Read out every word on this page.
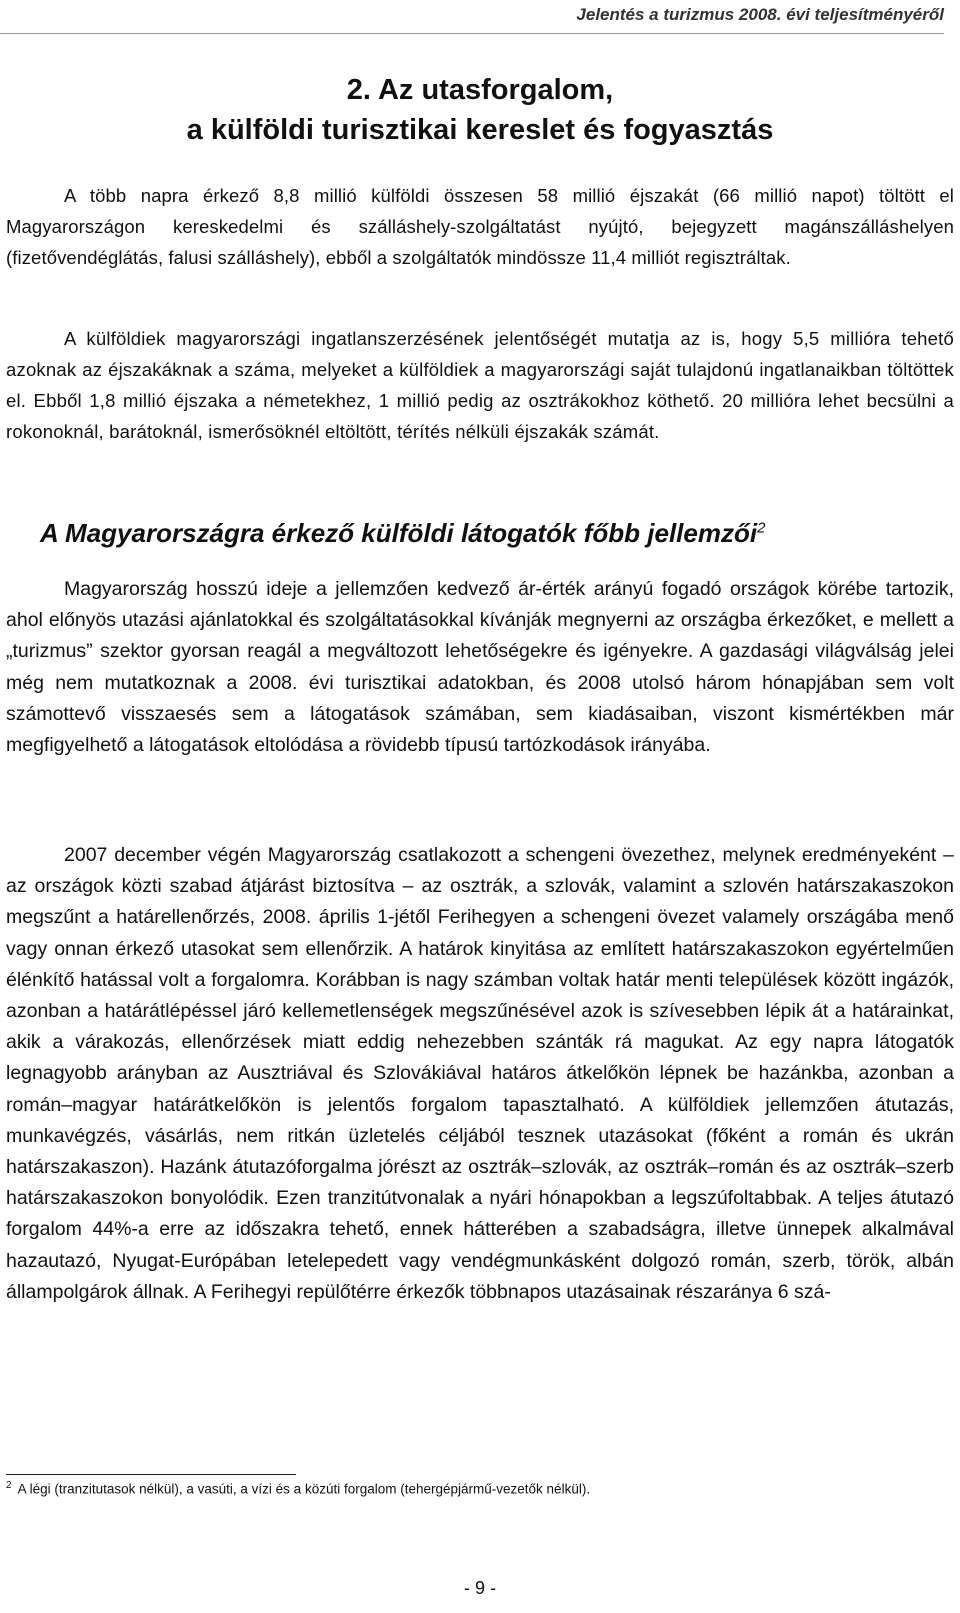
Jelentés a turizmus 2008. évi teljesítményéről
2. Az utasforgalom,
a külföldi turisztikai kereslet és fogyasztás

A több napra érkező 8,8 millió külföldi összesen 58 millió éjszakát (66 millió napot) töltött el Magyarországon kereskedelmi és szálláshely-szolgáltatást nyújtó, bejegyzett magánszálláshelyen (fizetővendéglátás, falusi szálláshely), ebből a szolgáltatók mindössze 11,4 milliót regisztráltak.

A külföldiek magyarországi ingatlanszerzésének jelentőségét mutatja az is, hogy 5,5 millióra tehető azoknak az éjszakáknak a száma, melyeket a külföldiek a magyarországi saját tulajdonú ingatlanaikban töltöttek el. Ebből 1,8 millió éjszaka a németekhez, 1 millió pedig az osztrákokhoz köthető. 20 millióra lehet becsülni a rokonoknál, barátoknál, ismerősöknél eltöltött, térítés nélküli éjszakák számát.

A Magyarországra érkező külföldi látogatók főbb jellemzői$^2$

Magyarország hosszú ideje a jellemzően kedvező ár-érték arányú fogadó országok körébe tartozik, ahol előnyös utazási ajánlatokkal és szolgáltatásokkal kívánják megnyerni az országba érkezőket, e mellett a „turizmus” szektor gyorsan reagál a megváltozott lehetőségekre és igényekre. A gazdasági világválság jelei még nem mutatkoznak a 2008. évi turisztikai adatokban, és 2008 utolsó három hónapjában sem volt számottevő visszaesés sem a látogatások számában, sem kiadásaiban, viszont kismértékben már megfigyelhető a látogatások eltolódása a rövidebb típusú tartózkodások irányába.

2007 december végén Magyarország csatlakozott a schengeni övezethez, melynek eredményeként – az országok közti szabad átjárást biztosítva – az osztrák, a szlovák, valamint a szlovén határszakaszokon megszűnt a határellenőrzés, 2008. április 1-jétől Ferihegyen a schengeni övezet valamely országába menő vagy onnan érkező utasokat sem ellenőrzik. A határok kinyitása az említett határszakaszokon egyértelműen élénkítő hatással volt a forgalomra. Korábban is nagy számban voltak határ menti települések között ingázók, azonban a határátlépéssel járó kellemetlenségek megszűnésével azok is szívesebben lépik át a határainkat, akik a várakozás, ellenőrzések miatt eddig nehezebben szánták rá magukat. Az egy napra látogatók legnagyobb arányban az Ausztriával és Szlovákiával határos átkelőkön lépnek be hazánkba, azonban a román–magyar határátkelőkön is jelentős forgalom tapasztalható. A külföldiek jellemzően átutazás, munkavégzés, vásárlás, nem ritkán üzletelés céljából tesznek utazásokat (főként a román és ukrán határszakaszon). Hazánk átutazóforgalma jórészt az osztrák–szlovák, az osztrák–román és az osztrák–szerb határszakaszokon bonyolódik. Ezen tranzitútvonalak a nyári hónapokban a legszúfoltabbak. A teljes átutazó forgalom 44%-a erre az időszakra tehető, ennek hátterében a szabadságra, illetve ünnepek alkalmával hazautazó, Nyugat-Európában letelepedett vagy vendégmunkásként dolgozó román, szerb, török, albán állampolgárok állnak. A Ferihegyi repülőtérre érkezők többnapos utazásainak részaránya 6 szá-

$^2$ A légi (tranzitutasok nélkül), a vasúti, a vízi és a közúti forgalom (tehergépjármű-vezetők nélkül).
- 9 -
